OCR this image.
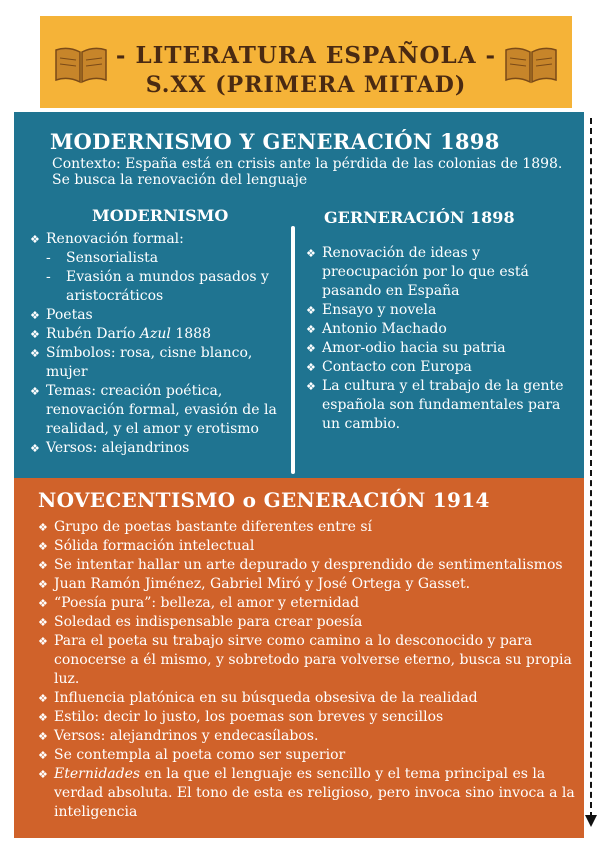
- LITERATURA ESPAÑOLA -
S.XX (PRIMERA MITAD)
MODERNISMO Y GENERACIÓN 1898
Contexto: España está en crisis ante la pérdida de las colonias de 1898.
Se busca la renovación del lenguaje
MODERNISMO	GERNERACIÓN 1898
❖ Renovación formal:
- Sensorialista
- Evasión a mundos pasados y aristocráticos
❖ Poetas
❖ Rubén Darío Azul 1888
❖ Símbolos: rosa, cisne blanco, mujer
❖ Temas: creación poética, renovación formal, evasión de la realidad, y el amor y erotismo
❖ Versos: alejandrinos
❖ Renovación de ideas y preocupación por lo que está pasando en España
❖ Ensayo y novela
❖ Antonio Machado
❖ Amor-odio hacia su patria
❖ Contacto con Europa
❖ La cultura y el trabajo de la gente española son fundamentales para un cambio.
NOVECENTISMO o GENERACIÓN 1914
❖ Grupo de poetas bastante diferentes entre sí
❖ Sólida formación intelectual
❖ Se intentar hallar un arte depurado y desprendido de sentimentalismos
❖ Juan Ramón Jiménez, Gabriel Miró y José Ortega y Gasset.
❖ “Poesía pura”: belleza, el amor y eternidad
❖ Soledad es indispensable para crear poesía
❖ Para el poeta su trabajo sirve como camino a lo desconocido y para conocerse a él mismo, y sobretodo para volverse eterno, busca su propia luz.
❖ Influencia platónica en su búsqueda obsesiva de la realidad
❖ Estilo: decir lo justo, los poemas son breves y sencillos
❖ Versos: alejandrinos y endecasílabos.
❖ Se contempla al poeta como ser superior
❖ Eternidades en la que el lenguaje es sencillo y el tema principal es la verdad absoluta. El tono de esta es religioso, pero invoca sino invoca a la inteligencia
